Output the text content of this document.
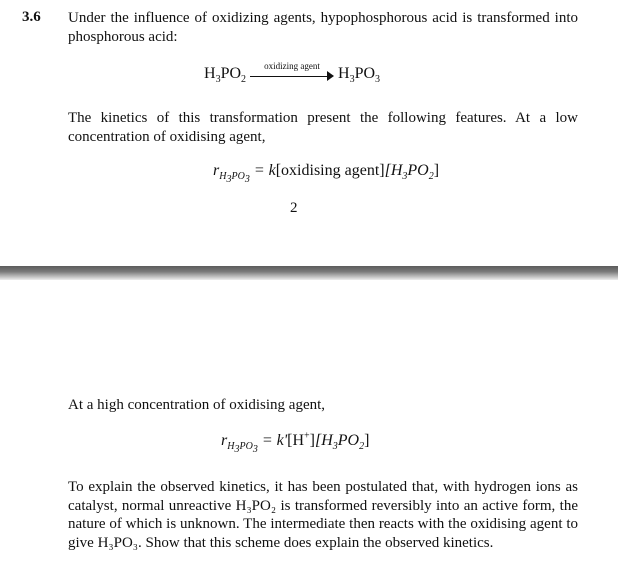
3.6 Under the influence of oxidizing agents, hypophosphorous acid is transformed into phosphorous acid:

$H_3PO_2$
oxidizing agent	$H_3PO_3$

The kinetics of this transformation present the following features. At a low concentration of oxidising agent,

$r_{H_3PO_3}$ = k[oxidising $agent][H_3PO_2]$
2

At a high concentration of oxidising agent,

$r_{H_3PO_3} = k'[H^+][H_3PO_2]$

To explain the observed kinetics, it has been postulated that, with hydrogen ions as catalyst, normal unreactive H₃PO₂ is transformed reversibly into an active form, the nature of which is unknown. The intermediate then reacts with the oxidising agent to give H₃PO₃. Show that this scheme does explain the observed kinetics.
